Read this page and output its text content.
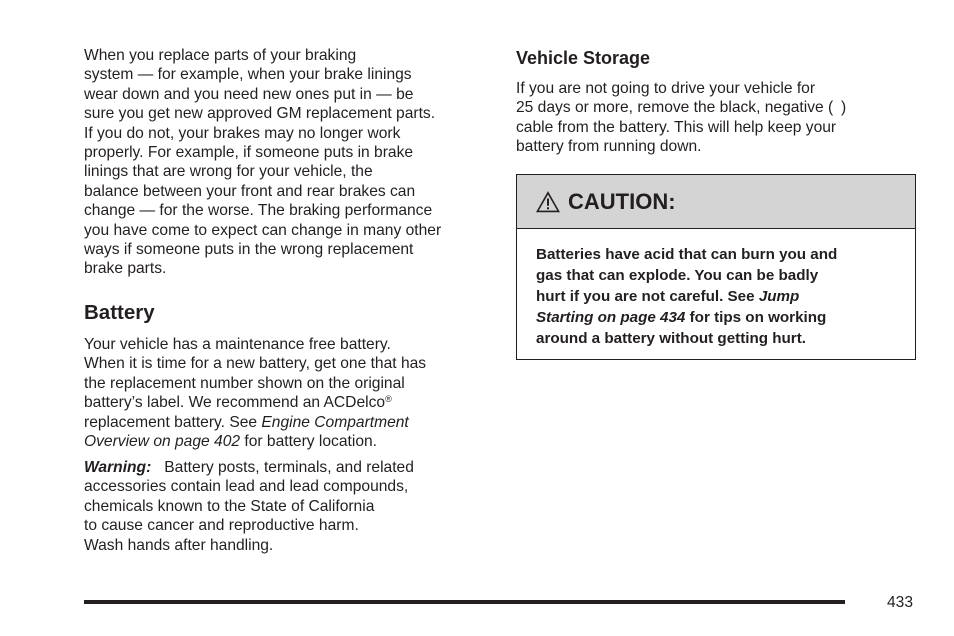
When you replace parts of your braking
system — for example, when your brake linings
wear down and you need new ones put in — be
sure you get new approved GM replacement parts.
If you do not, your brakes may no longer work
properly. For example, if someone puts in brake
linings that are wrong for your vehicle, the
balance between your front and rear brakes can
change — for the worse. The braking performance
you have come to expect can change in many other
ways if someone puts in the wrong replacement
brake parts.

Battery

Your vehicle has a maintenance free battery.
When it is time for a new battery, get one that has
the replacement number shown on the original
battery’s label. We recommend an ACDelco®
replacement battery. See Engine Compartment
Overview on page 402 for battery location.

Warning: Battery posts, terminals, and related
accessories contain lead and lead compounds,
chemicals known to the State of California
to cause cancer and reproductive harm.
Wash hands after handling.

Vehicle Storage

If you are not going to drive your vehicle for
25 days or more, remove the black, negative ( )
cable from the battery. This will help keep your
battery from running down.

CAUTION:
Batteries have acid that can burn you and
gas that can explode. You can be badly
hurt if you are not careful. See Jump
Starting on page 434 for tips on working
around a battery without getting hurt.
433
